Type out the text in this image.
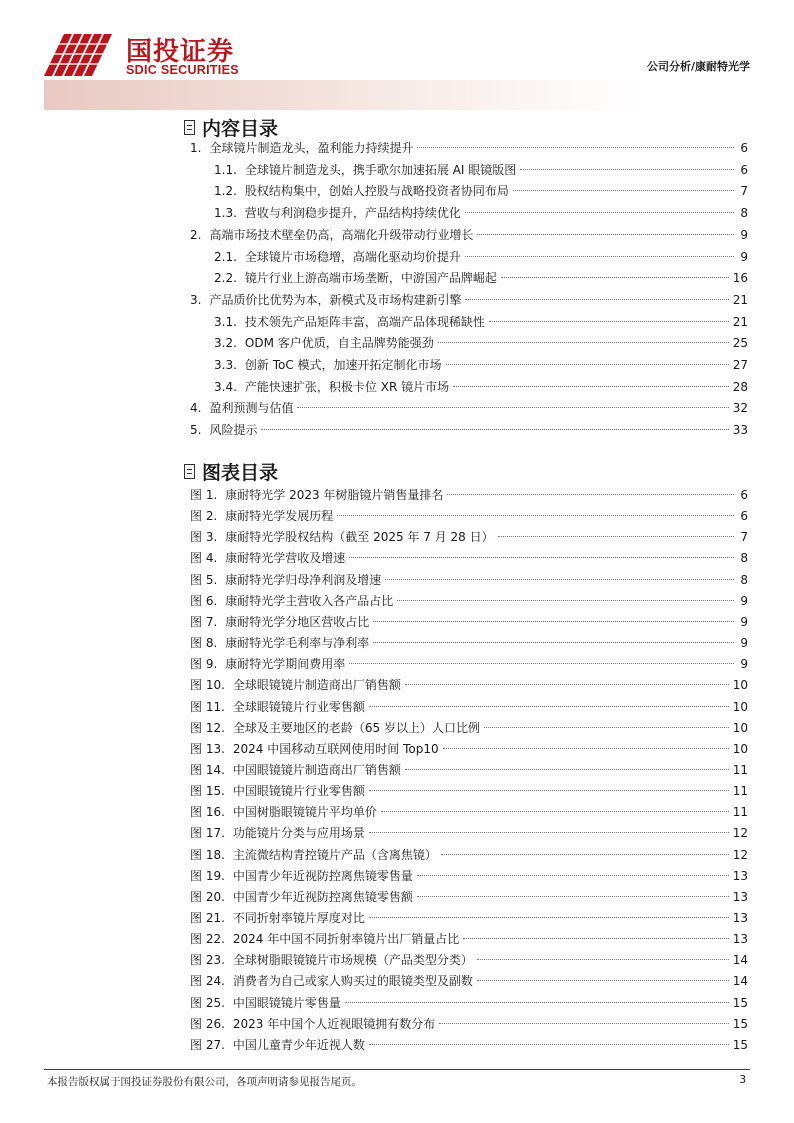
国投证券
SDIC SECURITIES	公司分析/康耐特光学
内容目录
1. 全球镜片制造龙头，盈利能力持续提升	6
1.1. 全球镜片制造龙头，携手歌尔加速拓展 AI 眼镜版图	6
1.2. 股权结构集中，创始人控股与战略投资者协同布局	7
1.3. 营收与利润稳步提升，产品结构持续优化	8
2. 高端市场技术壁垒仍高，高端化升级带动行业增长	9
2.1. 全球镜片市场稳增，高端化驱动均价提升	9
2.2. 镜片行业上游高端市场垄断，中游国产品牌崛起	16
3. 产品质价比优势为本，新模式及市场构建新引擎	21
3.1. 技术领先产品矩阵丰富，高端产品体现稀缺性	21
3.2. ODM 客户优质，自主品牌势能强劲	25
3.3. 创新 ToC 模式，加速开拓定制化市场	27
3.4. 产能快速扩张，积极卡位 XR 镜片市场	28
4. 盈利预测与估值	32
5. 风险提示	33
图表目录
图 1. 康耐特光学 2023 年树脂镜片销售量排名	6
图 2. 康耐特光学发展历程	6
图 3. 康耐特光学股权结构（截至 2025 年 7 月 28 日）	7
图 4. 康耐特光学营收及增速	8
图 5. 康耐特光学归母净利润及增速	8
图 6. 康耐特光学主营收入各产品占比	9
图 7. 康耐特光学分地区营收占比	9
图 8. 康耐特光学毛利率与净利率	9
图 9. 康耐特光学期间费用率	9
图 10. 全球眼镜镜片制造商出厂销售额	10
图 11. 全球眼镜镜片行业零售额	10
图 12. 全球及主要地区的老龄（65 岁以上）人口比例	10
图 13. 2024 中国移动互联网使用时间 Top10	10
图 14. 中国眼镜镜片制造商出厂销售额	11
图 15. 中国眼镜镜片行业零售额	11
图 16. 中国树脂眼镜镜片平均单价	11
图 17. 功能镜片分类与应用场景	12
图 18. 主流微结构青控镜片产品（含离焦镜）	12
图 19. 中国青少年近视防控离焦镜零售量	13
图 20. 中国青少年近视防控离焦镜零售额	13
图 21. 不同折射率镜片厚度对比	13
图 22. 2024 年中国不同折射率镜片出厂销量占比	13
图 23. 全球树脂眼镜镜片市场规模（产品类型分类）	14
图 24. 消费者为自己或家人购买过的眼镜类型及副数	14
图 25. 中国眼镜镜片零售量	15
图 26. 2023 年中国个人近视眼镜拥有数分布	15
图 27. 中国儿童青少年近视人数	15
本报告版权属于国投证券股份有限公司，各项声明请参见报告尾页。	3
